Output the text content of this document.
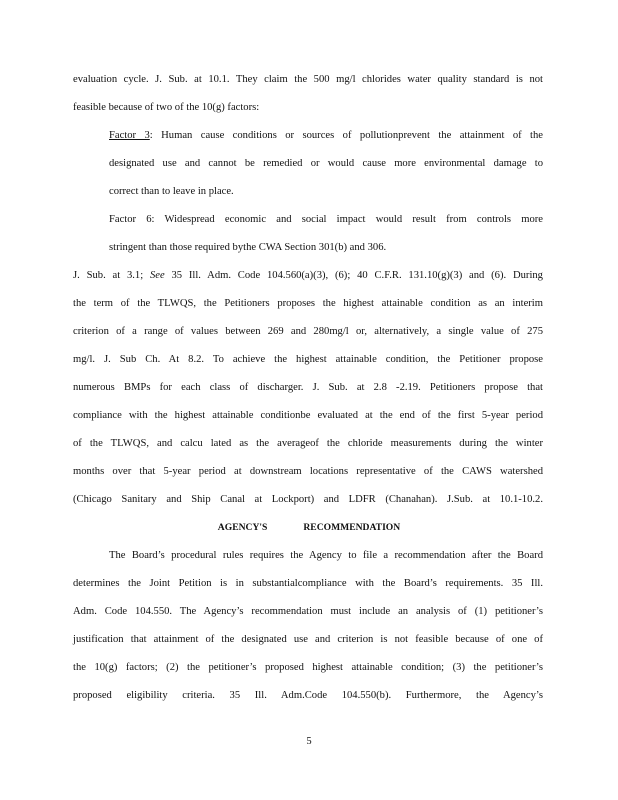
evaluation cycle. J. Sub. at 10.1. They claim the 500 mg/l chlorides water quality standard is not
feasible because of two of the 10(g) factors:
Factor 3: Human cause conditions or sources of pollutionprevent the attainment of the
designated use and cannot be remedied or would cause more environmental damage to
correct than to leave in place.
Factor 6: Widespread economic and social impact would result from controls more
stringent than those required bythe CWA Section 301(b) and 306.
J. Sub. at 3.1; See 35 Ill. Adm. Code 104.560(a)(3), (6); 40 C.F.R. 131.10(g)(3) and (6). During
the term of the TLWQS, the Petitioners proposes the highest attainable condition as an interim
criterion of a range of values between 269 and 280mg/l or, alternatively, a single value of 275
mg/l. J. Sub Ch. At 8.2. To achieve the highest attainable condition, the Petitioner propose
numerous BMPs for each class of discharger. J. Sub. at 2.8 -2.19. Petitioners propose that
compliance with the highest attainable conditionbe evaluated at the end of the first 5-year period
of the TLWQS, and calcu lated as the averageof the chloride measurements during the winter
months over that 5-year period at downstream locations representative of the CAWS watershed
(Chicago Sanitary and Ship Canal at Lockport) and LDFR (Chanahan). J.Sub. at 10.1-10.2.
AGENCY'S	RECOMMENDATION
The Board’s procedural rules requires the Agency to file a recommendation after the Board
determines the Joint Petition is in substantialcompliance with the Board’s requirements. 35 Ill.
Adm. Code 104.550. The Agency’s recommendation must include an analysis of (1) petitioner’s
justification that attainment of the designated use and criterion is not feasible because of one of
the 10(g) factors; (2) the petitioner’s proposed highest attainable condition; (3) the petitioner’s
proposed eligibility criteria. 35 Ill. Adm.Code 104.550(b). Furthermore, the Agency’s
5
